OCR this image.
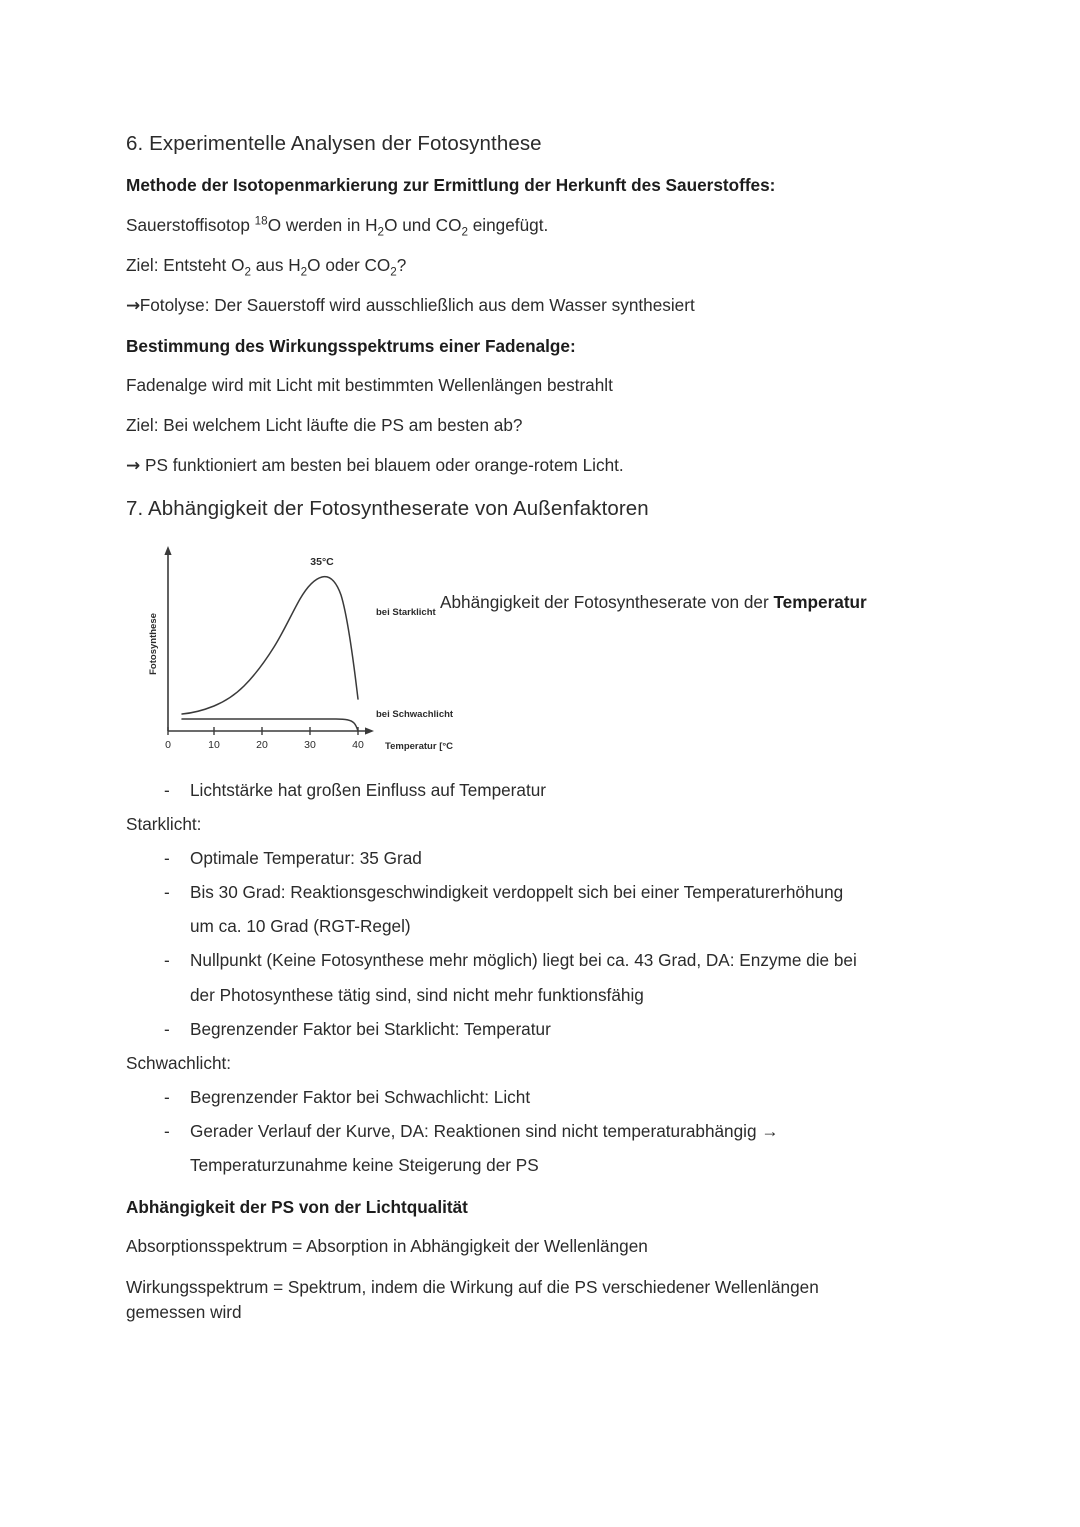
6. Experimentelle Analysen der Fotosynthese

Methode der Isotopenmarkierung zur Ermittlung der Herkunft des Sauerstoffes:

Sauerstoffisotop $^{18}$O werden in $H_2O$ und $CO_2$ eingefügt.

Ziel: Entsteht $O_2$ aus $H_2O$ oder $CO_2$?

→Fotolyse: Der Sauerstoff wird ausschließlich aus dem Wasser synthesiert

Bestimmung des Wirkungsspektrums einer Fadenalge:

Fadenalge wird mit Licht mit bestimmten Wellenlängen bestrahlt

Ziel: Bei welchem Licht läufte die PS am besten ab?

→ PS funktioniert am besten bei blauem oder orange-rotem Licht.

7. Abhängigkeit der Fotosyntheserate von Außenfaktoren
0	10	20	30	40 Temperatur [°C
Fotosynthese
35°C
bei Starklicht
bei Schwachlicht
Abhängigkeit der Fotosyntheserate von der Temperatur
- Lichtstärke hat großen Einfluss auf Temperatur

Starklicht:

- Optimale Temperatur: 35 Grad
- Bis 30 Grad: Reaktionsgeschwindigkeit verdoppelt sich bei einer Temperaturerhöhung
um ca. 10 Grad (RGT-Regel)
- Nullpunkt (Keine Fotosynthese mehr möglich) liegt bei ca. 43 Grad, DA: Enzyme die bei
der Photosynthese tätig sind, sind nicht mehr funktionsfähig
- Begrenzender Faktor bei Starklicht: Temperatur

Schwachlicht:

- Begrenzender Faktor bei Schwachlicht: Licht
- Gerader Verlauf der Kurve, DA: Reaktionen sind nicht temperaturabhängig →
Temperaturzunahme keine Steigerung der PS

Abhängigkeit der PS von der Lichtqualität

Absorptionsspektrum = Absorption in Abhängigkeit der Wellenlängen

Wirkungsspektrum = Spektrum, indem die Wirkung auf die PS verschiedener Wellenlängen

gemessen wird
